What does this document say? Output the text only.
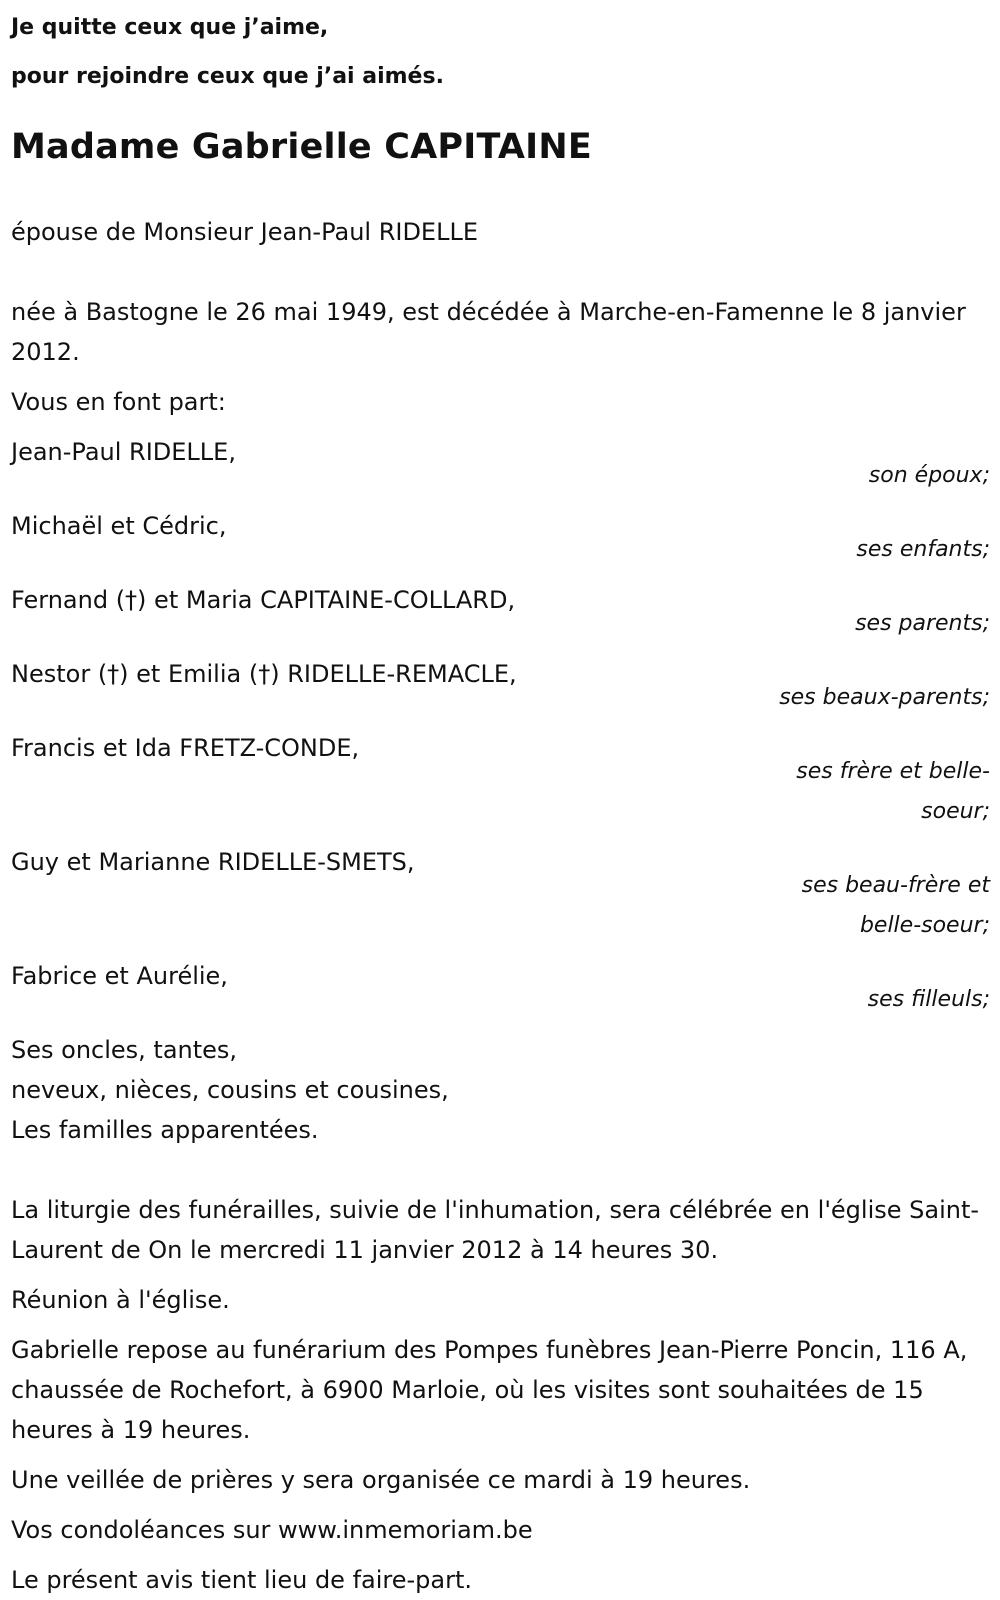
Je quitte ceux que j’aime,

pour rejoindre ceux que j’ai aimés.

Madame Gabrielle CAPITAINE

épouse de Monsieur Jean-Paul RIDELLE

née à Bastogne le 26 mai 1949, est décédée à Marche-en-Famenne le 8 janvier 2012.

Vous en font part:

Jean-Paul RIDELLE,

son époux;

Michaël et Cédric,

ses enfants;

Fernand (†) et Maria CAPITAINE-COLLARD,

ses parents;

Nestor (†) et Emilia (†) RIDELLE-REMACLE,

ses beaux-parents;

Francis et Ida FRETZ-CONDE,

ses frère et belle-soeur;

Guy et Marianne RIDELLE-SMETS,

ses beau-frère et belle-soeur;

Fabrice et Aurélie,

ses filleuls;

Ses oncles, tantes,

neveux, nièces, cousins et cousines,

Les familles apparentées.

La liturgie des funérailles, suivie de l'inhumation, sera célébrée en l'église Saint-Laurent de On le mercredi 11 janvier 2012 à 14 heures 30.

Réunion à l'église.

Gabrielle repose au funérarium des Pompes funèbres Jean-Pierre Poncin, 116 A, chaussée de Rochefort, à 6900 Marloie, où les visites sont souhaitées de 15 heures à 19 heures.

Une veillée de prières y sera organisée ce mardi à 19 heures.

Vos condoléances sur www.inmemoriam.be

Le présent avis tient lieu de faire-part.
